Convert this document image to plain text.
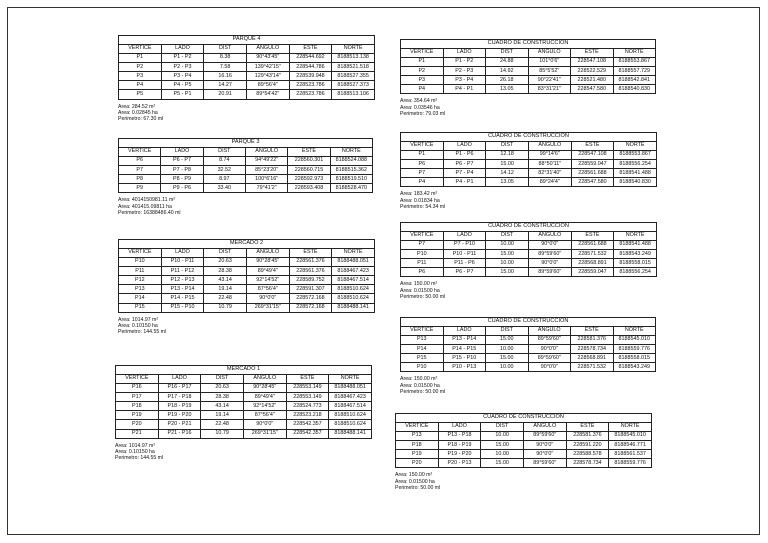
PARQUE 4					
VERTICE	LADO	DIST	ANGULO	ESTE	NORTE
P1	P1 - P2	8.38	90°43'45"	228544.692	8188513.138
P2	P2 - P3	7.58	139°42'15"	228544.786	8188521.518
P3	P3 - P4	16.16	129°43'14"	228539.948	8188527.355
P4	P4 - P5	14.27	89°56'4"	228523.786	8188527.373
P5	P5 - P1	20.91	89°54'42"	228523.786	8188513.106
Area: 284.52 m²
Area: 0.02845 ha
Perimetro: 67.30 ml
PARQUE 3					
VERTICE	LADO	DIST	ANGULO	ESTE	NORTE
P6	P6 - P7	8.74	94°49'22"	228560.301	8188524.088
P7	P7 - P8	32.52	85°23'20"	228560.715	8188515.362
P8	P8 - P9	8.97	100°6'16"	228592.973	8188519.510
P9	P9 - P6	33.40	79°41'2"	228593.408	8188528.470
Area: 4014150981.11 m²
Area: 401415.09811 ha
Perimetro: 16388486.40 ml
MERCADO 2					
VERTICE	LADO	DIST	ANGULO	ESTE	NORTE
P10	P10 - P11	20.63	90°28'45"	228561.376	8188488.051
P11	P11 - P12	28.38	89°49'4"	228561.376	8188467.423
P12	P12 - P13	43.14	92°14'52"	228589.752	8188467.514
P13	P13 - P14	19.14	87°56'4"	228591.307	8188510.624
P14	P14 - P15	22.48	90°0'0"	228572.168	8188510.624
P15	P15 - P10	10.79	269°31'15"	228572.168	8188488.141
Area: 1014.97 m²
Area: 0.10150 ha
Perimetro: 144.55 ml
MERCADO 1					
VERTICE	LADO	DIST	ANGULO	ESTE	NORTE
P16	P16 - P17	20.63	90°28'45"	228553.149	8188488.051
P17	P17 - P18	28.38	89°49'4"	228553.149	8188467.423
P18	P18 - P19	43.14	92°14'52"	228524.773	8188467.514
P19	P19 - P20	19.14	87°56'4"	228523.218	8188510.624
P20	P20 - P21	22.48	90°0'0"	228542.357	8188510.624
P21	P21 - P16	10.79	269°31'15"	228542.357	8188488.141
Area: 1014.97 m²
Area: 0.10150 ha
Perimetro: 144.55 ml
CUADRO DE CONSTRUCCION					
VERTICE	LADO	DIST	ANGULO	ESTE	NORTE
P1	P1 - P2	24.88	101°0'6"	228547.108	8188553.867
P2	P2 - P3	14.92	85°5'52"	228522.529	8188557.729
P3	P3 - P4	26.18	90°22'41"	228521.480	8188542.841
P4	P4 - P1	13.05	83°31'21"	228547.580	8188540.830
Area: 354.64 m²
Area: 0.03546 ha
Perimetro: 79.03 ml
CUADRO DE CONSTRUCCION					
VERTICE	LADO	DIST	ANGULO	ESTE	NORTE
P1	P1 - P6	12.18	99°14'6"	228547.108	8188553.867
P6	P6 - P7	15.00	88°50'11"	228559.047	8188556.254
P7	P7 - P4	14.12	82°31'40"	228561.688	8188541.488
P4	P4 - P1	13.05	89°24'4"	228547.580	8188540.830
Area: 183.42 m²
Area: 0.01834 ha
Perimetro: 54.34 ml
CUADRO DE CONSTRUCCION					
VERTICE	LADO	DIST	ANGULO	ESTE	NORTE
P7	P7 - P10	10.00	90°0'0"	228561.688	8188541.488
P10	P10 - P11	15.00	89°59'60"	228571.532	8188543.249
P11	P11 - P6	10.00	90°0'0"	228568.891	8188558.015
P6	P6 - P7	15.00	89°59'60"	228559.047	8188556.254
Area: 150.00 m²
Area: 0.01500 ha
Perimetro: 50.00 ml
CUADRO DE CONSTRUCCION					
VERTICE	LADO	DIST	ANGULO	ESTE	NORTE
P13	P13 - P14	15.00	89°59'60"	228581.376	8188545.010
P14	P14 - P15	10.00	90°0'0"	228578.734	8188559.776
P15	P15 - P10	15.00	89°59'60"	228568.891	8188558.015
P10	P10 - P13	10.00	90°0'0"	228571.532	8188543.249
Area: 150.00 m²
Area: 0.01500 ha
Perimetro: 50.00 ml
CUADRO DE CONSTRUCCION					
VERTICE	LADO	DIST	ANGULO	ESTE	NORTE
P13	P13 - P18	10.00	89°59'60"	228581.376	8188545.010
P18	P18 - P19	15.00	90°0'0"	228591.220	8188546.771
P19	P19 - P20	10.00	90°0'0"	228588.578	8188561.537
P20	P20 - P13	15.00	89°59'60"	228578.734	8188559.776
Area: 150.00 m²
Area: 0.01500 ha
Perimetro: 50.00 ml
